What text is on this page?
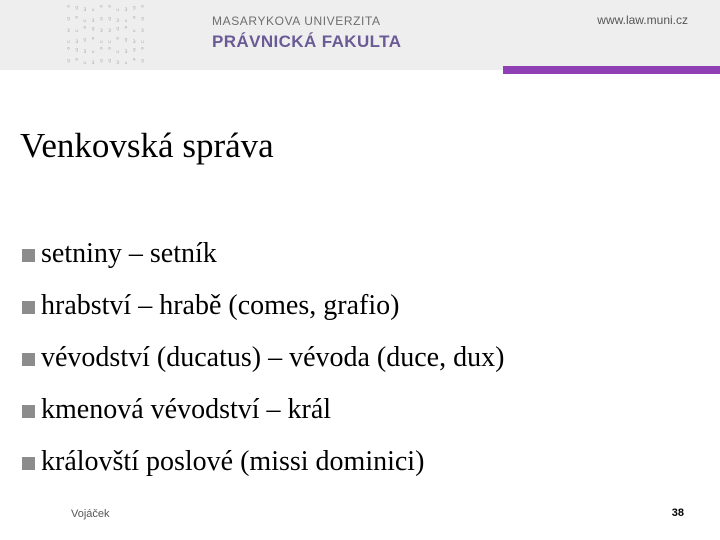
°ᵍ₃ᵤ°°ᵤ₃ᵍ°
ᵍ°ᵤ₃ᵍᵍ₃ᵤ°ᵍ
₃ᵤ°ᵍ₃₃ᵍ°ᵤ₃
ᵤ₃ᵍ°ᵤᵤ°ᵍ₃ᵤ
°ᵍ₃ᵤ°°ᵤ₃ᵍ°
ᵍ°ᵤ₃ᵍᵍ₃ᵤ°ᵍ
MASARYKOVA UNIVERZITA
PRÁVNICKÁ FAKULTA
www.law.muni.cz
Venkovská správa
setniny – setník
hrabství – hrabě (comes, grafio)
vévodství (ducatus) – vévoda (duce, dux)
kmenová vévodství – král
královští poslové (missi dominici)
Vojáček	38
